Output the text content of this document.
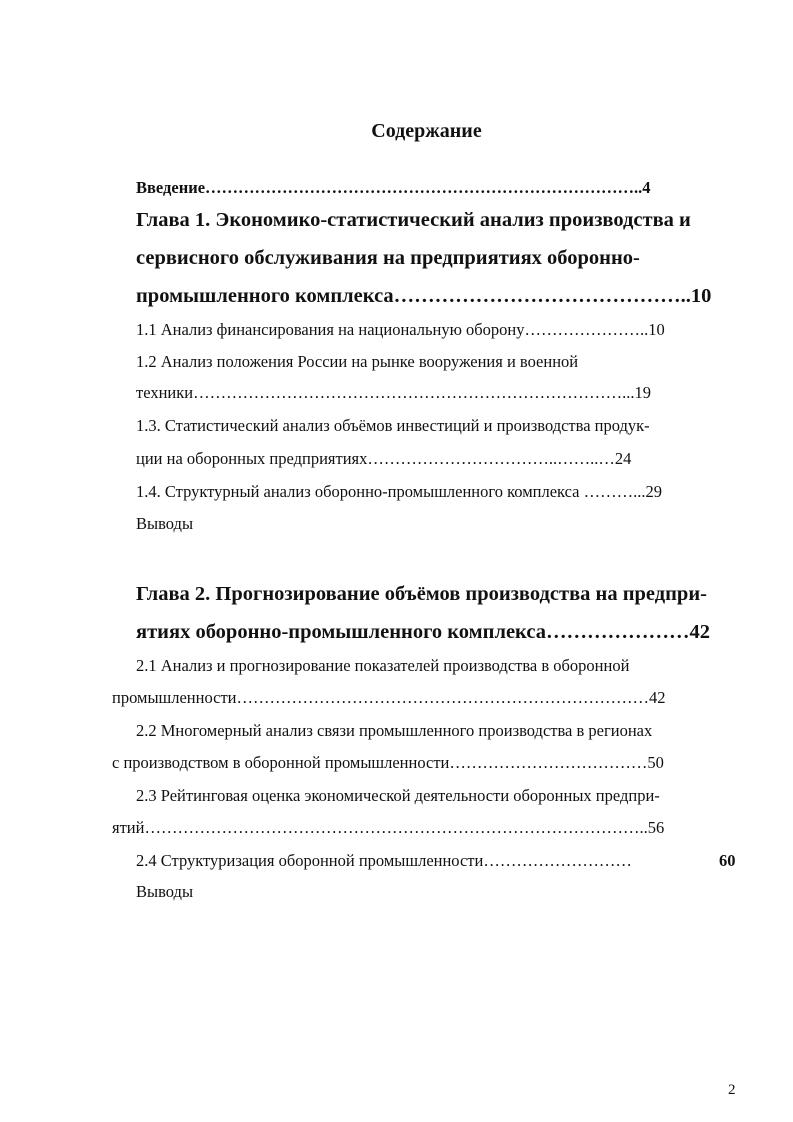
Содержание
Введение……………………………………………………………………..4
Глава 1. Экономико-статистический анализ производства и
сервисного обслуживания на предприятиях оборонно-
промышленного комплекса……………………………………..10
1.1 Анализ финансирования на национальную оборону…………………..10
1.2 Анализ положения России на рынке вооружения и военной
техники……………………………………………………………………...19
1.3. Статистический анализ объёмов инвестиций и производства продук-
ции на оборонных предприятиях……………………………..……..…24
1.4. Структурный анализ оборонно-промышленного комплекса ………...29
Выводы
Глава 2. Прогнозирование объёмов производства на предпри-
ятиях оборонно-промышленного комплекса…………………42
2.1 Анализ и прогнозирование показателей производства в оборонной
промышленности…………………………………………………………………42
2.2 Многомерный анализ связи промышленного производства в регионах
с производством в оборонной промышленности………………………………50
2.3 Рейтинговая оценка экономической деятельности оборонных предпри-
ятий………………………………………………………………………………..56
2.4 Структуризация оборонной промышленности………………………	60
Выводы
2
